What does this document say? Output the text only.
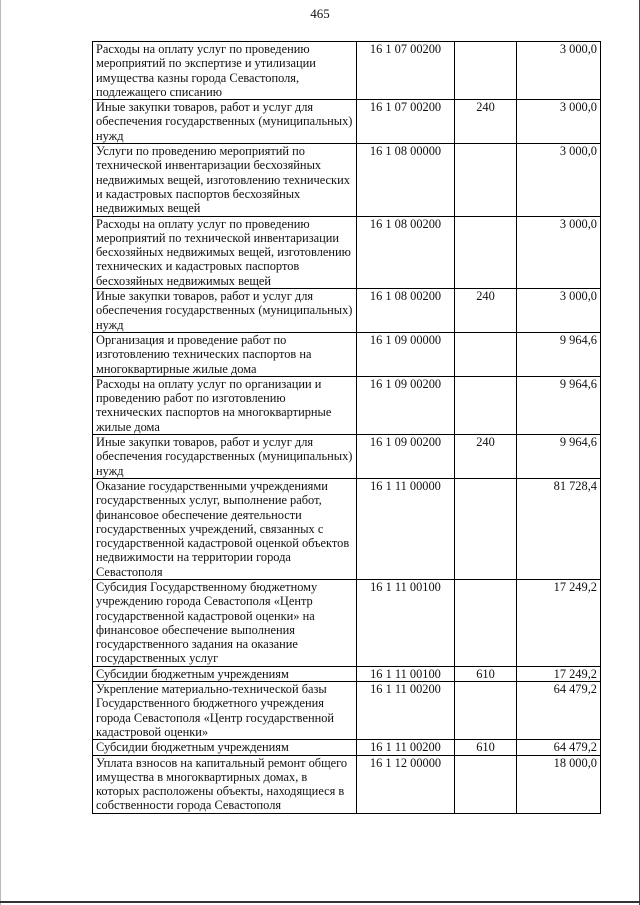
465
Расходы на оплату услуг по проведению мероприятий по экспертизе и утилизации имущества казны города Севастополя, подлежащего списанию	16 1 07 00200		3 000,0
Иные закупки товаров, работ и услуг для обеспечения государственных (муниципальных) нужд	16 1 07 00200	240	3 000,0
Услуги по проведению мероприятий по технической инвентаризации бесхозяйных недвижимых вещей, изготовлению технических и кадастровых паспортов бесхозяйных недвижимых вещей	16 1 08 00000		3 000,0
Расходы на оплату услуг по проведению мероприятий по технической инвентаризации бесхозяйных недвижимых вещей, изготовлению технических и кадастровых паспортов бесхозяйных недвижимых вещей	16 1 08 00200		3 000,0
Иные закупки товаров, работ и услуг для обеспечения государственных (муниципальных) нужд	16 1 08 00200	240	3 000,0
Организация и проведение работ по изготовлению технических паспортов на многоквартирные жилые дома	16 1 09 00000		9 964,6
Расходы на оплату услуг по организации и проведению работ по изготовлению технических паспортов на многоквартирные жилые дома	16 1 09 00200		9 964,6
Иные закупки товаров, работ и услуг для обеспечения государственных (муниципальных) нужд	16 1 09 00200	240	9 964,6
Оказание государственными учреждениями государственных услуг, выполнение работ, финансовое обеспечение деятельности государственных учреждений, связанных с государственной кадастровой оценкой объектов недвижимости на территории города Севастополя	16 1 11 00000		81 728,4
Субсидия Государственному бюджетному учреждению города Севастополя «Центр государственной кадастровой оценки» на финансовое обеспечение выполнения государственного задания на оказание государственных услуг	16 1 11 00100		17 249,2
Субсидии бюджетным учреждениям	16 1 11 00100	610	17 249,2
Укрепление материально-технической базы Государственного бюджетного учреждения города Севастополя «Центр государственной кадастровой оценки»	16 1 11 00200		64 479,2
Субсидии бюджетным учреждениям	16 1 11 00200	610	64 479,2
Уплата взносов на капитальный ремонт общего имущества в многоквартирных домах, в которых расположены объекты, находящиеся в собственности города Севастополя	16 1 12 00000		18 000,0
